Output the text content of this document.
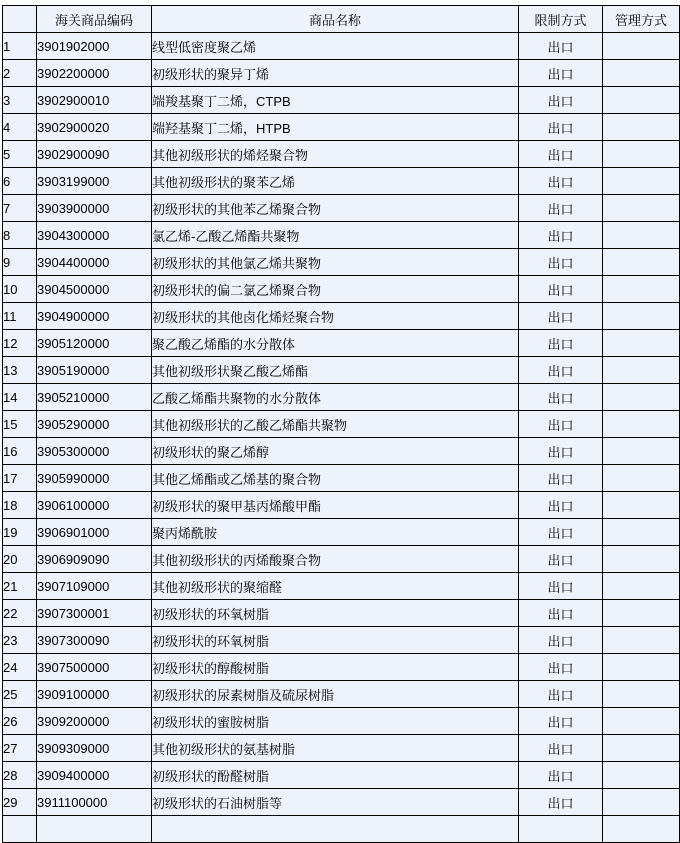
	海关商品编码	商品名称	限制方式	管理方式
1	3901902000	线型低密度聚乙烯	出口	
2	3902200000	初级形状的聚异丁烯	出口	
3	3902900010	端羧基聚丁二烯，CTPB	出口	
4	3902900020	端羟基聚丁二烯，HTPB	出口	
5	3902900090	其他初级形状的烯烃聚合物	出口	
6	3903199000	其他初级形状的聚苯乙烯	出口	
7	3903900000	初级形状的其他苯乙烯聚合物	出口	
8	3904300000	氯乙烯-乙酸乙烯酯共聚物	出口	
9	3904400000	初级形状的其他氯乙烯共聚物	出口	
10	3904500000	初级形状的偏二氯乙烯聚合物	出口	
11	3904900000	初级形状的其他卤化烯烃聚合物	出口	
12	3905120000	聚乙酸乙烯酯的水分散体	出口	
13	3905190000	其他初级形状聚乙酸乙烯酯	出口	
14	3905210000	乙酸乙烯酯共聚物的水分散体	出口	
15	3905290000	其他初级形状的乙酸乙烯酯共聚物	出口	
16	3905300000	初级形状的聚乙烯醇	出口	
17	3905990000	其他乙烯酯或乙烯基的聚合物	出口	
18	3906100000	初级形状的聚甲基丙烯酸甲酯	出口	
19	3906901000	聚丙烯酰胺	出口	
20	3906909090	其他初级形状的丙烯酸聚合物	出口	
21	3907109000	其他初级形状的聚缩醛	出口	
22	3907300001	初级形状的环氧树脂	出口	
23	3907300090	初级形状的环氧树脂	出口	
24	3907500000	初级形状的醇酸树脂	出口	
25	3909100000	初级形状的尿素树脂及硫尿树脂	出口	
26	3909200000	初级形状的蜜胺树脂	出口	
27	3909309000	其他初级形状的氨基树脂	出口	
28	3909400000	初级形状的酚醛树脂	出口	
29	3911100000	初级形状的石油树脂等	出口	
